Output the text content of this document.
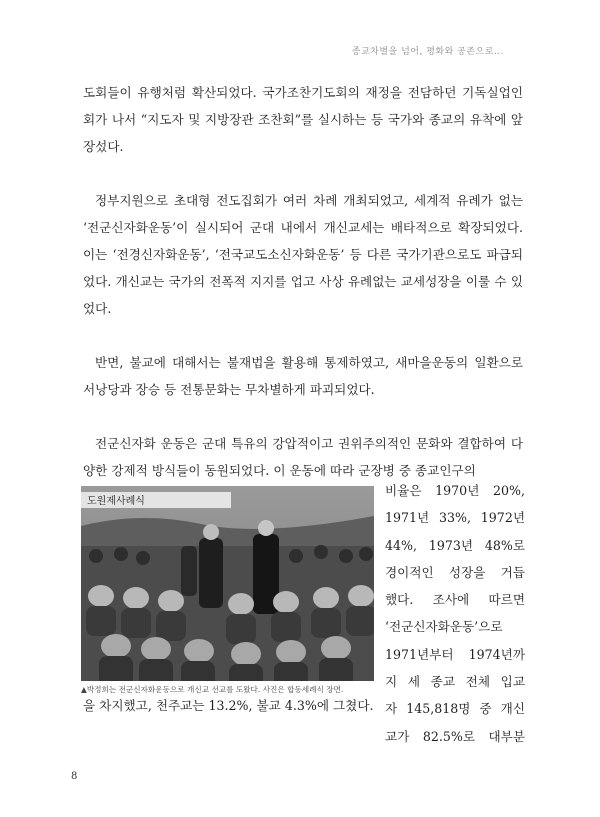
종교차별을 넘어, 평화와 공존으로...

도회들이 유행처럼 확산되었다. 국가조찬기도회의 재정을 전담하던 기독실업인회가 나서 “지도자 및 지방장관 조찬회”를 실시하는 등 국가와 종교의 유착에 앞장섰다.

정부지원으로 초대형 전도집회가 여러 차례 개최되었고, 세계적 유례가 없는 ‘전군신자화운동’이 실시되어 군대 내에서 개신교세는 배타적으로 확장되었다. 이는 ‘전경신자화운동’, ‘전국교도소신자화운동’ 등 다른 국가기관으로도 파급되었다. 개신교는 국가의 전폭적 지지를 업고 사상 유례없는 교세성장을 이룰 수 있었다.

반면, 불교에 대해서는 불재법을 활용해 통제하였고, 새마을운동의 일환으로 서낭당과 장승 등 전통문화는 무차별하게 파괴되었다.

전군신자화 운동은 군대 특유의 강압적이고 권위주의적인 문화와 결합하여 다양한 강제적 방식들이 동원되었다. 이 운동에 따라 군장병 중 종교인구의

도원제사례식
▲박정희는 전군신자화운동으로 개신교 선교를 도왔다. 사진은 합동세례식 장면.
비율은 1970년 20%,
1971년 33%, 1972년
44%, 1973년 48%로
경이적인 성장을 거듭
했다. 조사에 따르면
‘전군신자화운동’으로
1971년부터 1974년까
지 세 종교 전체 입교
자 145,818명 중 개신
교가 82.5%로 대부분
을 차지했고, 천주교는 13.2%, 불교 4.3%에 그쳤다.
8
